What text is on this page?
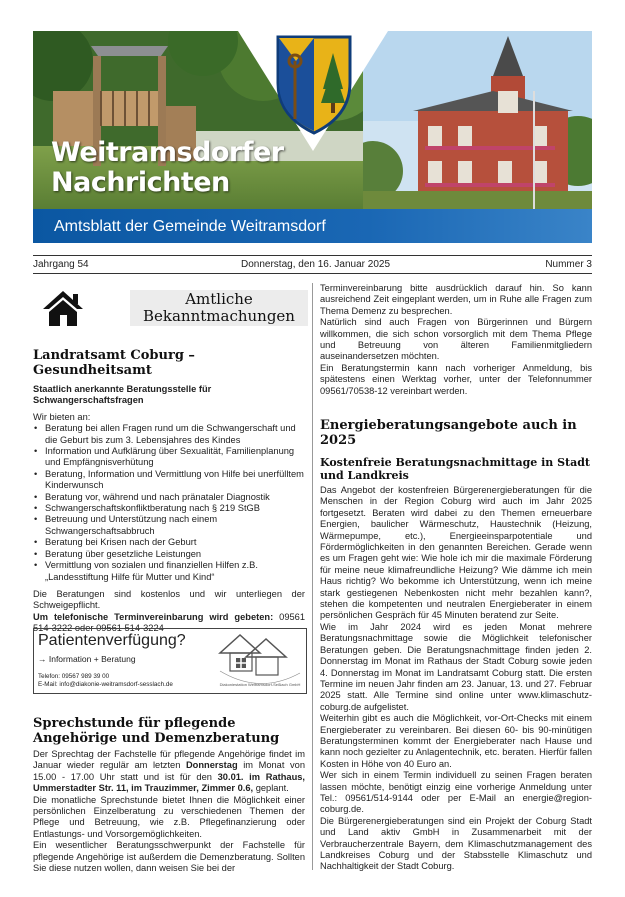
Weitramsdorfer
Nachrichten
Amtsblatt der Gemeinde Weitramsdorf
Jahrgang 54	Donnerstag, den 16. Januar 2025	Nummer 3
Amtliche
Bekanntmachungen
Landratsamt Coburg – Gesundheitsamt
Staatlich anerkannte Beratungsstelle für Schwangerschaftsfragen

Wir bieten an:

• Beratung bei allen Fragen rund um die Schwangerschaft und die Geburt bis zum 3. Lebensjahres des Kindes
• Information und Aufklärung über Sexualität, Familienplanung und Empfängnisverhütung
• Beratung, Information und Vermittlung von Hilfe bei unerfülltem Kinderwunsch
• Beratung vor, während und nach pränataler Diagnostik
• Schwangerschaftskonfliktberatung nach § 219 StGB
• Betreuung und Unterstützung nach einem Schwangerschaftsabbruch
• Beratung bei Krisen nach der Geburt
• Beratung über gesetzliche Leistungen
• Vermittlung von sozialen und finanziellen Hilfen z.B. „Landesstiftung Hilfe für Mutter und Kind“

Die Beratungen sind kostenlos und wir unterliegen der Schweigepflicht.

Um telefonische Terminvereinbarung wird gebeten: 09561 514-3222 oder 09561 514-3224

Patientenverfügung?
→ Information + Beratung
Telefon: 09567 989 39 00
E-Mail: info@diakonie-weitramsdorf-sesslach.de	Diakoniestation Weitramsdorf-Seßlach GmbH
Sprechstunde für pflegende Angehörige und Demenzberatung

Der Sprechtag der Fachstelle für pflegende Angehörige findet im Januar wieder regulär am letzten Donnerstag im Monat von 15.00 - 17.00 Uhr statt und ist für den 30.01. im Rathaus, Ummerstadter Str. 11, im Trauzimmer, Zimmer 0.6, geplant.

Die monatliche Sprechstunde bietet Ihnen die Möglichkeit einer persönlichen Einzelberatung zu verschiedenen Themen der Pflege und Betreuung, wie z.B. Pflegefinanzierung oder Entlastungs- und Vorsorgemöglichkeiten.

Ein wesentlicher Beratungsschwerpunkt der Fachstelle für pflegende Angehörige ist außerdem die Demenzberatung. Sollten Sie diese nutzen wollen, dann weisen Sie bei der

Terminvereinbarung bitte ausdrücklich darauf hin. So kann ausreichend Zeit eingeplant werden, um in Ruhe alle Fragen zum Thema Demenz zu besprechen.

Natürlich sind auch Fragen von Bürgerinnen und Bürgern willkommen, die sich schon vorsorglich mit dem Thema Pflege und Betreuung von älteren Familienmitgliedern auseinandersetzen möchten.

Ein Beratungstermin kann nach vorheriger Anmeldung, bis spätestens einen Werktag vorher, unter der Telefonnummer 09561/70538-12 vereinbart werden.

Energieberatungsangebote auch in 2025
Kostenfreie Beratungsnachmittage in Stadt und Landkreis

Das Angebot der kostenfreien Bürgerenergieberatungen für die Menschen in der Region Coburg wird auch im Jahr 2025 fortgesetzt. Beraten wird dabei zu den Themen erneuerbare Energien, baulicher Wärmeschutz, Haustechnik (Heizung, Wärmepumpe, etc.), Energieeinsparpotentiale und Fördermöglichkeiten in den genannten Bereichen. Gerade wenn es um Fragen geht wie: Wie hole ich mir die maximale Förderung für meine neue klimafreundliche Heizung? Wie dämme ich mein Haus richtig? Wo bekomme ich Unterstützung, wenn ich meine stark gestiegenen Nebenkosten nicht mehr bezahlen kann?, stehen die kompetenten und neutralen Energieberater in einem persönlichen Gespräch für 45 Minuten beratend zur Seite.

Wie im Jahr 2024 wird es jeden Monat mehrere Beratungsnachmittage sowie die Möglichkeit telefonischer Beratungen geben. Die Beratungsnachmittage finden jeden 2. Donnerstag im Monat im Rathaus der Stadt Coburg sowie jeden 4. Donnerstag im Monat im Landratsamt Coburg statt. Die ersten Termine im neuen Jahr finden am 23. Januar, 13. und 27. Februar 2025 statt. Alle Termine sind online unter www.klimaschutz-coburg.de aufgelistet.

Weiterhin gibt es auch die Möglichkeit, vor-Ort-Checks mit einem Energieberater zu vereinbaren. Bei diesen 60- bis 90-minütigen Beratungsterminen kommt der Energieberater nach Hause und kann noch gezielter zu Anlagentechnik, etc. beraten. Hierfür fallen Kosten in Höhe von 40 Euro an.

Wer sich in einem Termin individuell zu seinen Fragen beraten lassen möchte, benötigt einzig eine vorherige Anmeldung unter Tel.: 09561/514-9144 oder per E-Mail an energie@region-coburg.de.

Die Bürgerenergieberatungen sind ein Projekt der Coburg Stadt und Land aktiv GmbH in Zusammenarbeit mit der Verbraucherzentrale Bayern, dem Klimaschutzmanagement des Landkreises Coburg und der Stabsstelle Klimaschutz und Nachhaltigkeit der Stadt Coburg.
